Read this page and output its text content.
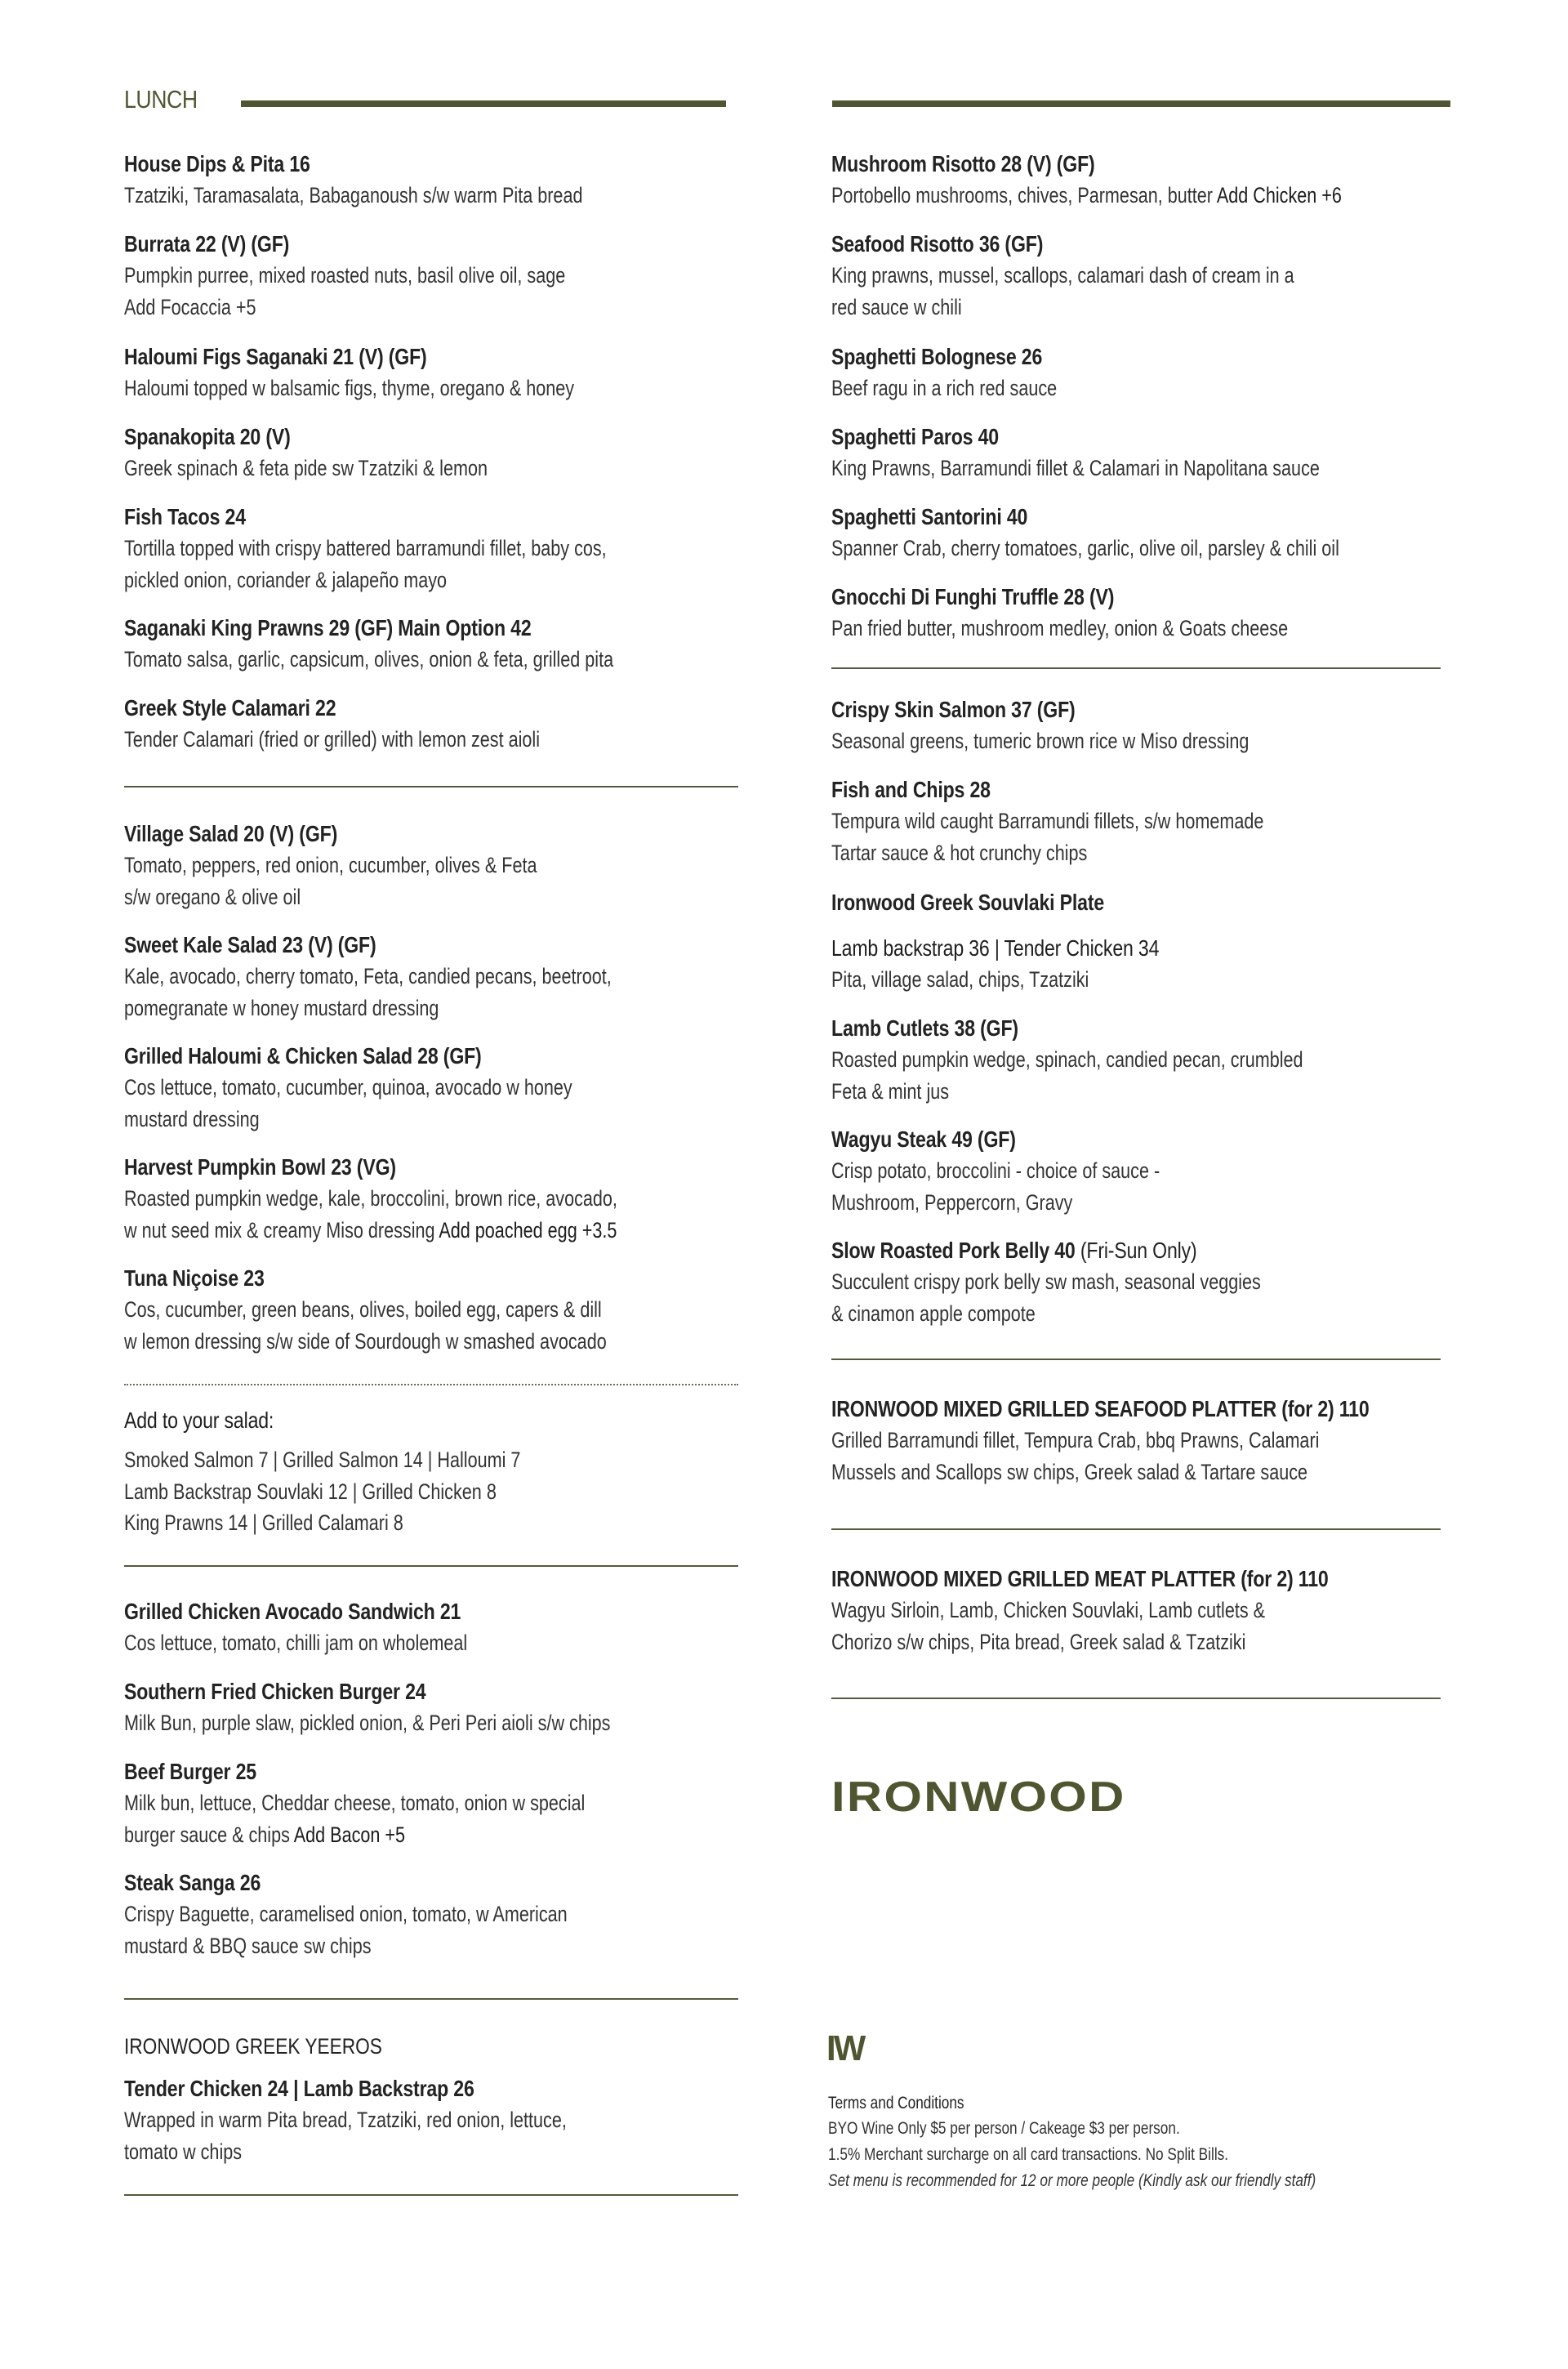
LUNCH
House Dips & Pita 16
Tzatziki, Taramasalata, Babaganoush s/w warm Pita bread
Burrata 22 (V) (GF)
Pumpkin purree, mixed roasted nuts, basil olive oil, sage
Add Focaccia +5
Haloumi Figs Saganaki 21 (V) (GF)
Haloumi topped w balsamic figs, thyme, oregano & honey
Spanakopita 20 (V)
Greek spinach & feta pide sw Tzatziki & lemon
Fish Tacos 24
Tortilla topped with crispy battered barramundi fillet, baby cos,
pickled onion, coriander & jalapeño mayo
Saganaki King Prawns 29 (GF) Main Option 42
Tomato salsa, garlic, capsicum, olives, onion & feta, grilled pita
Greek Style Calamari 22
Tender Calamari (fried or grilled) with lemon zest aioli
Village Salad 20 (V) (GF)
Tomato, peppers, red onion, cucumber, olives & Feta
s/w oregano & olive oil
Sweet Kale Salad 23 (V) (GF)
Kale, avocado, cherry tomato, Feta, candied pecans, beetroot,
pomegranate w honey mustard dressing
Grilled Haloumi & Chicken Salad 28 (GF)
Cos lettuce, tomato, cucumber, quinoa, avocado w honey
mustard dressing
Harvest Pumpkin Bowl 23 (VG)
Roasted pumpkin wedge, kale, broccolini, brown rice, avocado,
w nut seed mix & creamy Miso dressing Add poached egg +3.5
Tuna Niçoise 23
Cos, cucumber, green beans, olives, boiled egg, capers & dill
w lemon dressing s/w side of Sourdough w smashed avocado
Add to your salad:
Smoked Salmon 7 | Grilled Salmon 14 | Halloumi 7
Lamb Backstrap Souvlaki 12 | Grilled Chicken 8
King Prawns 14 | Grilled Calamari 8
Grilled Chicken Avocado Sandwich 21
Cos lettuce, tomato, chilli jam on wholemeal
Southern Fried Chicken Burger 24
Milk Bun, purple slaw, pickled onion, & Peri Peri aioli s/w chips
Beef Burger 25
Milk bun, lettuce, Cheddar cheese, tomato, onion w special
burger sauce & chips Add Bacon +5
Steak Sanga 26
Crispy Baguette, caramelised onion, tomato, w American
mustard & BBQ sauce sw chips
IRONWOOD GREEK YEEROS
Tender Chicken 24 | Lamb Backstrap 26
Wrapped in warm Pita bread, Tzatziki, red onion, lettuce,
tomato w chips
Mushroom Risotto 28 (V) (GF)
Portobello mushrooms, chives, Parmesan, butter Add Chicken +6
Seafood Risotto 36 (GF)
King prawns, mussel, scallops, calamari dash of cream in a
red sauce w chili
Spaghetti Bolognese 26
Beef ragu in a rich red sauce
Spaghetti Paros 40
King Prawns, Barramundi fillet & Calamari in Napolitana sauce
Spaghetti Santorini 40
Spanner Crab, cherry tomatoes, garlic, olive oil, parsley & chili oil
Gnocchi Di Funghi Truffle 28 (V)
Pan fried butter, mushroom medley, onion & Goats cheese
Crispy Skin Salmon 37 (GF)
Seasonal greens, tumeric brown rice w Miso dressing
Fish and Chips 28
Tempura wild caught Barramundi fillets, s/w homemade
Tartar sauce & hot crunchy chips
Ironwood Greek Souvlaki Plate
Lamb backstrap 36 | Tender Chicken 34
Pita, village salad, chips, Tzatziki
Lamb Cutlets 38 (GF)
Roasted pumpkin wedge, spinach, candied pecan, crumbled
Feta & mint jus
Wagyu Steak 49 (GF)
Crisp potato, broccolini - choice of sauce -
Mushroom, Peppercorn, Gravy
Slow Roasted Pork Belly 40 (Fri-Sun Only)
Succulent crispy pork belly sw mash, seasonal veggies
& cinamon apple compote
IRONWOOD MIXED GRILLED SEAFOOD PLATTER (for 2) 110
Grilled Barramundi fillet, Tempura Crab, bbq Prawns, Calamari
Mussels and Scallops sw chips, Greek salad & Tartare sauce
IRONWOOD MIXED GRILLED MEAT PLATTER (for 2) 110
Wagyu Sirloin, Lamb, Chicken Souvlaki, Lamb cutlets &
Chorizo s/w chips, Pita bread, Greek salad & Tzatziki
IRONWOOD
IW
Terms and Conditions
BYO Wine Only $5 per person / Cakeage $3 per person.
1.5% Merchant surcharge on all card transactions. No Split Bills.
Set menu is recommended for 12 or more people (Kindly ask our friendly staff)
